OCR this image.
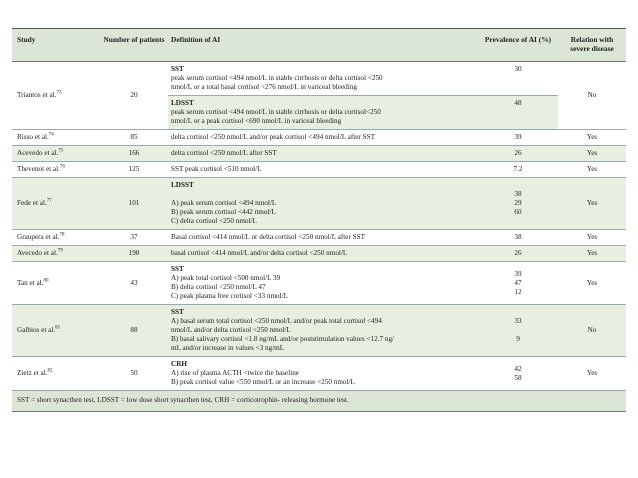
Study	Number of patients	Definition of AI	Prevalence of AI (%)	Relation with severe disease
Triantos et al.$^{73}$	20	SST
peak serum cortisol <494 nmol/L in stable cirrhosis or delta cortisol <250
nmol/L or a total basal cortisol <276 nmol/L in variceal bleeding	30	No

		LDSST
peak serum cortisol <494 nmol/L in stable cirrhosis or delta cortisol<250
nmol/L or a peak cortisol <690 nmol/L in variceal bleeding	48	

Risso et al.$^{74}$	85	delta cortisol <250 nmol/L and/or peak cortisol <494 nmol/L after SST	39	Yes
Acevedo et al.$^{75}$	166	delta cortisol <250 nmol/L after SST	26	Yes
Thevenot et al.$^{76}$	125	SST peak cortisol <510 nmol/L	7.2	Yes
Fede et al.$^{77}$	101	LDSST
A) peak serum cortisol <494 nmol/L
B) peak serum cortisol <442 nmol/L
C) delta cortisol <250 nmol/L	38
29
60	Yes
Graupera et al.$^{78}$	37	Basal cortisol <414 nmol/L or delta cortisol <250 nmol/L after SST	38	Yes
Avecedo et al.$^{79}$	198	basal cortisol <414 nmol/L and/or delta cortisol <250 nmol/L	26	Yes
Tan et al.$^{80}$	43	SST
A) peak total cortisol <500 nmol/L 39
B) delta cortisol <250 nmol/L 47
C) peak plasma free cortisol <33 nmol/L	39
47
12	Yes
Galbios et al.$^{81}$	88	SST
A) basal serum total cortisol <250 nmol/L and/or peak total cortisol <494
nmol/L and/or delta cortisol <250 nmol/L
B) basal salivary cortisol <1.8 ng/mL and/or poststimulation values <12.7 ng/
mL and/or increase in values <3 ng/mL	33
9	No
Zietz et al.$^{82}$	50	CRH
A) rise of plasma ACTH <twice the baseline
B) peak cortisol value <550 nmol/L or an increase <250 nmol/L	42
58	Yes
SST = short synacthen test, LDSST = low dose short synacthen test, CRH = corticotrophin- releasing hormone test.				
